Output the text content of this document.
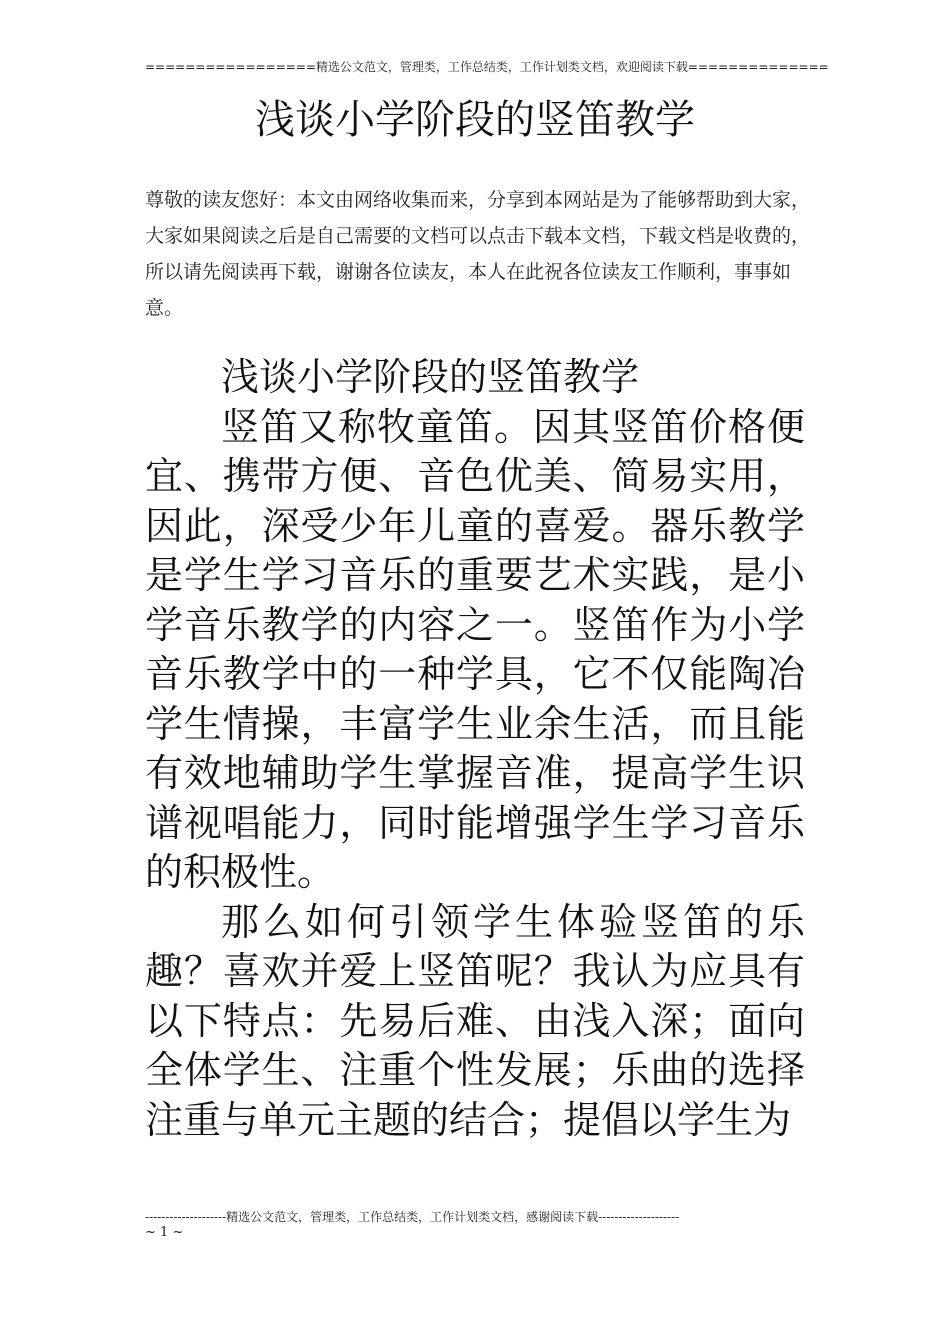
=================精选公文范文，管理类，工作总结类，工作计划类文档，欢迎阅读下载==============
浅谈小学阶段的竖笛教学
尊敬的读友您好：本文由网络收集而来，分享到本网站是为了能够帮助到大家，大家如果阅读之后是自己需要的文档可以点击下载本文档，下载文档是收费的，所以请先阅读再下载，谢谢各位读友，本人在此祝各位读友工作顺利，事事如意。

浅谈小学阶段的竖笛教学

竖笛又称牧童笛。因其竖笛价格便宜、携带方便、音色优美、简易实用，因此，深受少年儿童的喜爱。器乐教学是学生学习音乐的重要艺术实践，是小学音乐教学的内容之一。竖笛作为小学音乐教学中的一种学具，它不仅能陶冶学生情操，丰富学生业余生活，而且能有效地辅助学生掌握音准，提高学生识谱视唱能力，同时能增强学生学习音乐的积极性。

那么如何引领学生体验竖笛的乐趣？喜欢并爱上竖笛呢？我认为应具有以下特点：先易后难、由浅入深；面向全体学生、注重个性发展；乐曲的选择注重与单元主题的结合；提倡以学生为

--------------------精选公文范文，管理类，工作总结类，工作计划类文档，感谢阅读下载--------------------
~ 1 ~
